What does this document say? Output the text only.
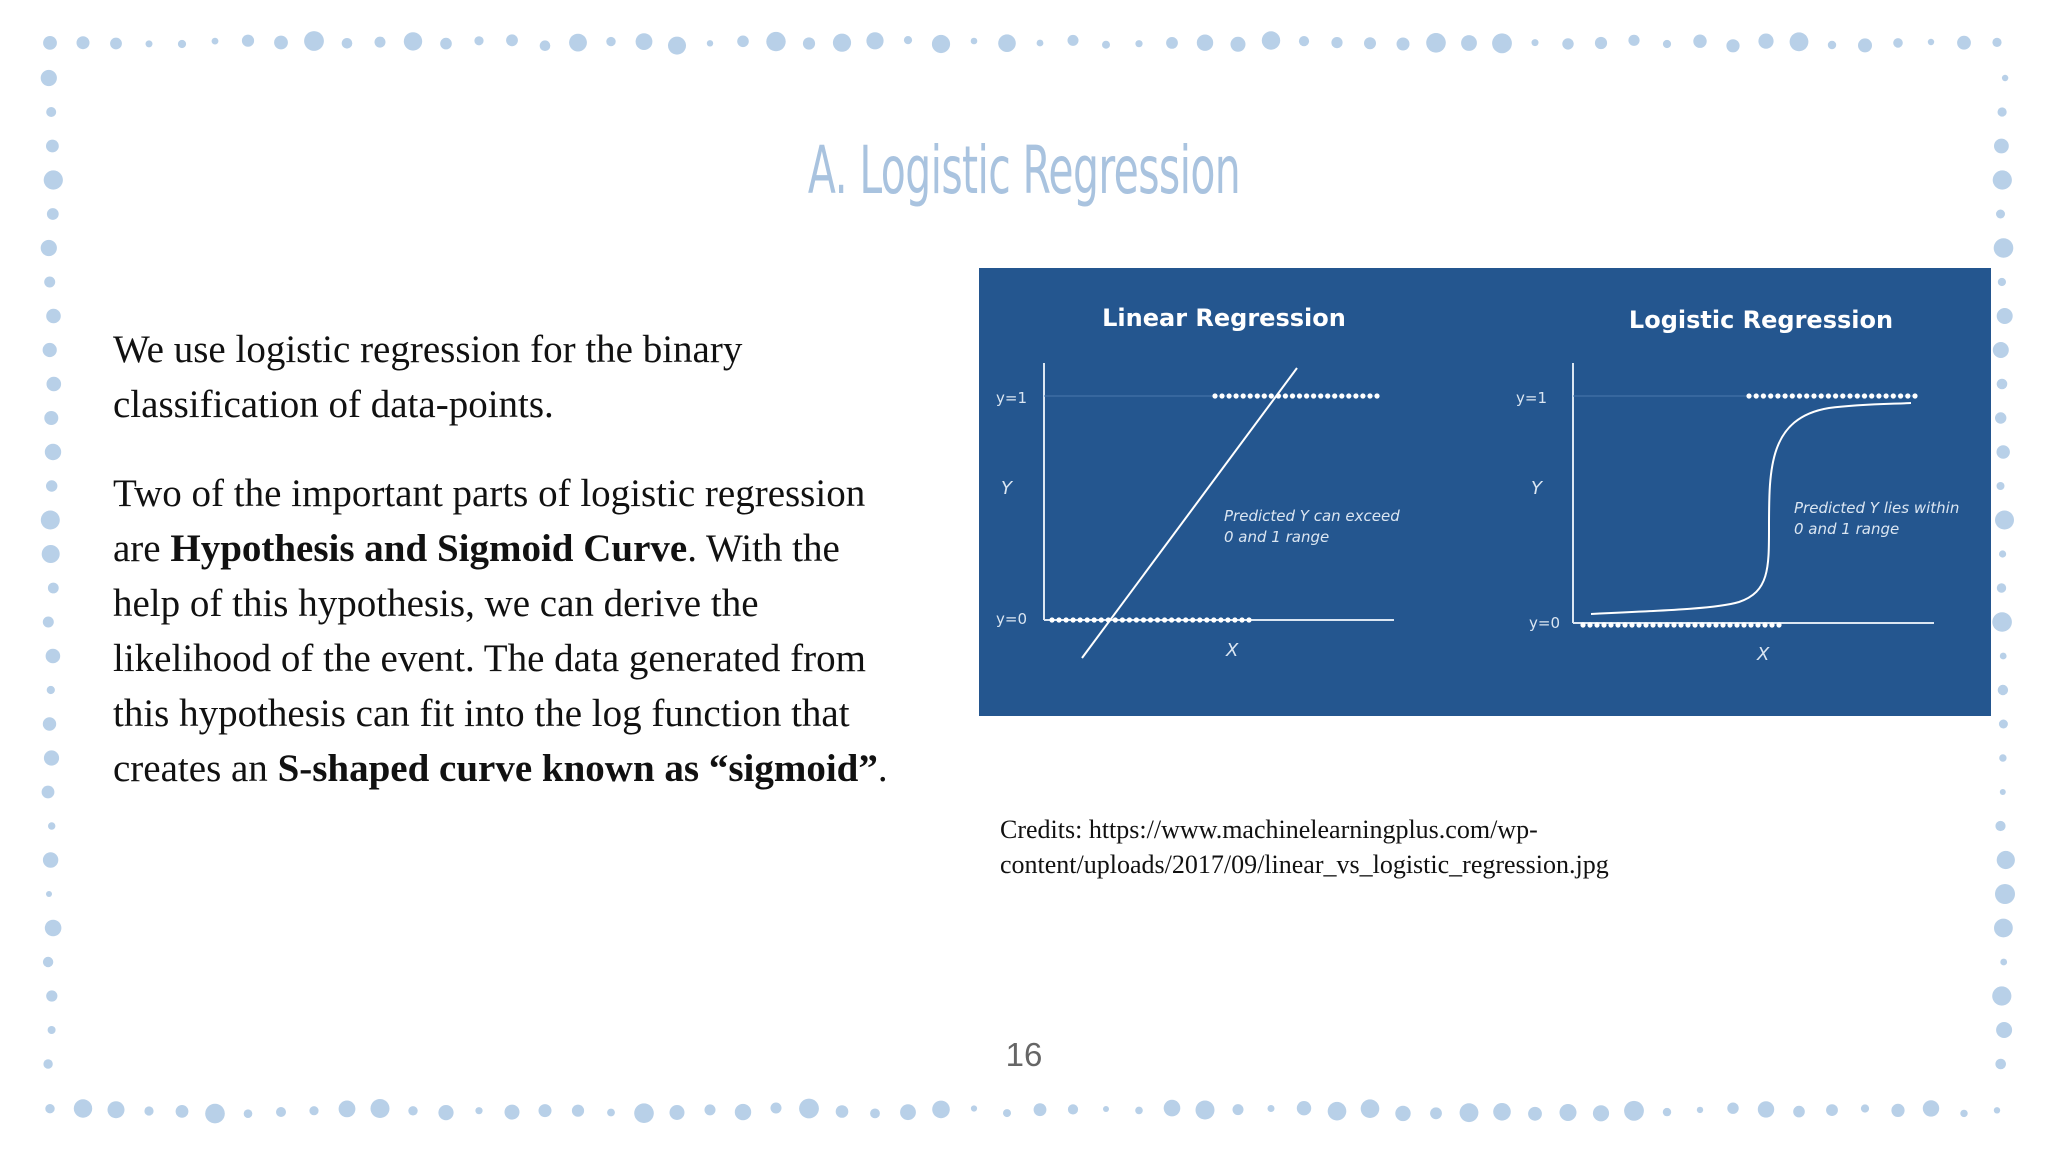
A. Logistic Regression

We use logistic regression for the binary classification of data-points.

Two of the important parts of logistic regression are Hypothesis and Sigmoid Curve. With the help of this hypothesis, we can derive the likelihood of the event. The data generated from this hypothesis can fit into the log function that creates an S-shaped curve known as “sigmoid”.

Linear Regression
y=1
Y
y=0
X
Predicted Y can exceed
0 and 1 range
Logistic Regression
y=1
Y
y=0
X
Predicted Y lies within
0 and 1 range
Credits: https://www.machinelearningplus.com/wp-
content/uploads/2017/09/linear_vs_logistic_regression.jpg
16
